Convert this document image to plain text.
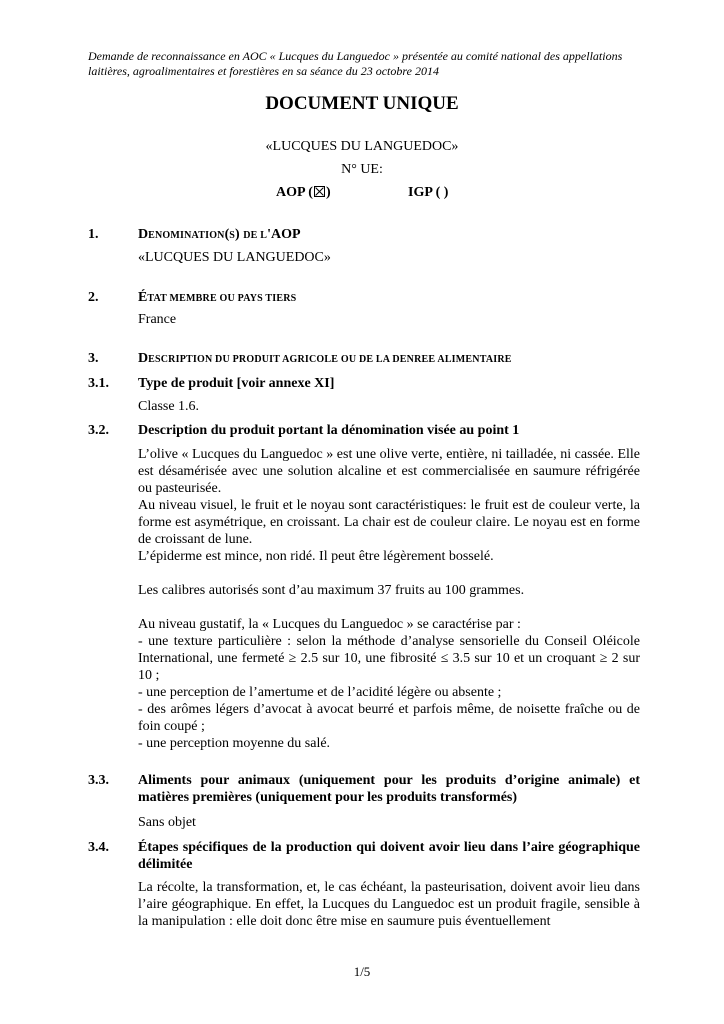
Demande de reconnaissance en AOC « Lucques du Languedoc » présentée au comité national des appellations
laitières, agroalimentaires et forestières en sa séance du 23 octobre 2014
DOCUMENT UNIQUE
«LUCQUES DU LANGUEDOC»
N° UE:
AOP ( )	IGP ( )
1.	DENOMINATION(S) DE L'AOP
«LUCQUES DU LANGUEDOC»
2.	ÉTAT MEMBRE OU PAYS TIERS
France
3.	DESCRIPTION DU PRODUIT AGRICOLE OU DE LA DENREE ALIMENTAIRE
3.1. Type de produit [voir annexe XI]
Classe 1.6.
3.2. Description du produit portant la dénomination visée au point 1
L’olive « Lucques du Languedoc » est une olive verte, entière, ni tailladée, ni cassée. Elle est désamérisée avec une solution alcaline et est commercialisée en saumure réfrigérée ou pasteurisée.
Au niveau visuel, le fruit et le noyau sont caractéristiques: le fruit est de couleur verte, la forme est asymétrique, en croissant. La chair est de couleur claire. Le noyau est en forme de croissant de lune.
L’épiderme est mince, non ridé. Il peut être légèrement bosselé.
Les calibres autorisés sont d’au maximum 37 fruits au 100 grammes.
Au niveau gustatif, la « Lucques du Languedoc » se caractérise par :
- une texture particulière : selon la méthode d’analyse sensorielle du Conseil Oléicole International, une fermeté ≥ 2.5 sur 10, une fibrosité ≤ 3.5 sur 10 et un croquant ≥ 2 sur 10 ;
- une perception de l’amertume et de l’acidité légère ou absente ;
- des arômes légers d’avocat à avocat beurré et parfois même, de noisette fraîche ou de foin coupé ;
- une perception moyenne du salé.
3.3. Aliments pour animaux (uniquement pour les produits d’origine animale) et matières premières (uniquement pour les produits transformés)
Sans objet
3.4. Étapes spécifiques de la production qui doivent avoir lieu dans l’aire géographique délimitée
La récolte, la transformation, et, le cas échéant, la pasteurisation, doivent avoir lieu dans l’aire géographique. En effet, la Lucques du Languedoc est un produit fragile, sensible à la manipulation : elle doit donc être mise en saumure puis éventuellement
1/5
